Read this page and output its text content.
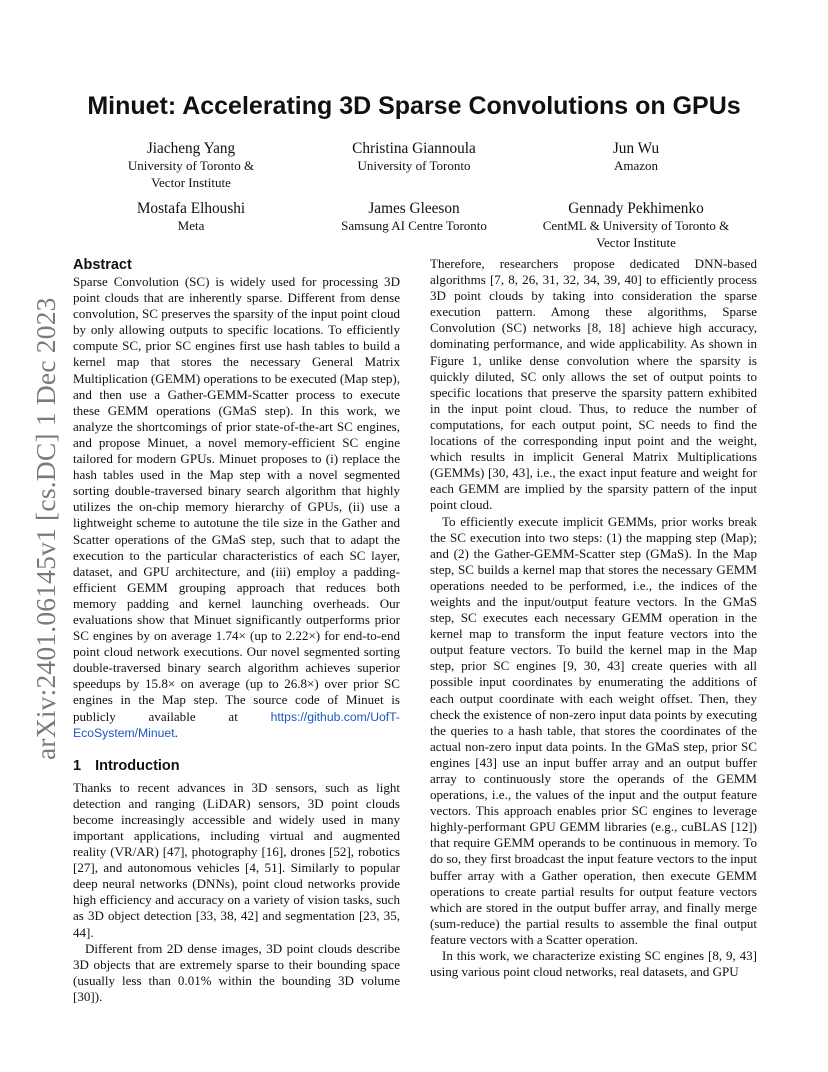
arXiv:2401.06145v1 [cs.DC] 1 Dec 2023
Minuet: Accelerating 3D Sparse Convolutions on GPUs
Jiacheng Yang
University of Toronto &
Vector Institute
Christina Giannoula
University of Toronto
Jun Wu
Amazon
Mostafa Elhoushi
Meta
James Gleeson
Samsung AI Centre Toronto
Gennady Pekhimenko
CentML & University of Toronto &
Vector Institute
Abstract

Sparse Convolution (SC) is widely used for processing 3D point clouds that are inherently sparse. Different from dense convolution, SC preserves the sparsity of the input point cloud by only allowing outputs to specific locations. To efficiently compute SC, prior SC engines first use hash tables to build a kernel map that stores the necessary General Matrix Multiplication (GEMM) operations to be executed (Map step), and then use a Gather-GEMM-Scatter process to execute these GEMM operations (GMaS step). In this work, we analyze the shortcomings of prior state-of-the-art SC engines, and propose Minuet, a novel memory-efficient SC engine tailored for modern GPUs. Minuet proposes to (i) replace the hash tables used in the Map step with a novel segmented sorting double-traversed binary search algorithm that highly utilizes the on-chip memory hierarchy of GPUs, (ii) use a lightweight scheme to autotune the tile size in the Gather and Scatter operations of the GMaS step, such that to adapt the execution to the particular characteristics of each SC layer, dataset, and GPU architecture, and (iii) employ a padding-efficient GEMM grouping approach that reduces both memory padding and kernel launching overheads. Our evaluations show that Minuet significantly outperforms prior SC engines by on average 1.74× (up to 2.22×) for end-to-end point cloud network executions. Our novel segmented sorting double-traversed binary search algorithm achieves superior speedups by 15.8× on average (up to 26.8×) over prior SC engines in the Map step. The source code of Minuet is publicly available at https://github.com/UofT-EcoSystem/Minuet.

1 Introduction

Thanks to recent advances in 3D sensors, such as light detection and ranging (LiDAR) sensors, 3D point clouds become increasingly accessible and widely used in many important applications, including virtual and augmented reality (VR/AR) [47], photography [16], drones [52], robotics [27], and autonomous vehicles [4, 51]. Similarly to popular deep neural networks (DNNs), point cloud networks provide high efficiency and accuracy on a variety of vision tasks, such as 3D object detection [33, 38, 42] and segmentation [23, 35, 44].

Different from 2D dense images, 3D point clouds describe 3D objects that are extremely sparse to their bounding space (usually less than 0.01% within the bounding 3D volume [30]).

Therefore, researchers propose dedicated DNN-based algorithms [7, 8, 26, 31, 32, 34, 39, 40] to efficiently process 3D point clouds by taking into consideration the sparse execution pattern. Among these algorithms, Sparse Convolution (SC) networks [8, 18] achieve high accuracy, dominating performance, and wide applicability. As shown in Figure 1, unlike dense convolution where the sparsity is quickly diluted, SC only allows the set of output points to specific locations that preserve the sparsity pattern exhibited in the input point cloud. Thus, to reduce the number of computations, for each output point, SC needs to find the locations of the corresponding input point and the weight, which results in implicit General Matrix Multiplications (GEMMs) [30, 43], i.e., the exact input feature and weight for each GEMM are implied by the sparsity pattern of the input point cloud.

To efficiently execute implicit GEMMs, prior works break the SC execution into two steps: (1) the mapping step (Map); and (2) the Gather-GEMM-Scatter step (GMaS). In the Map step, SC builds a kernel map that stores the necessary GEMM operations needed to be performed, i.e., the indices of the weights and the input/output feature vectors. In the GMaS step, SC executes each necessary GEMM operation in the kernel map to transform the input feature vectors into the output feature vectors. To build the kernel map in the Map step, prior SC engines [9, 30, 43] create queries with all possible input coordinates by enumerating the additions of each output coordinate with each weight offset. Then, they check the existence of non-zero input data points by executing the queries to a hash table, that stores the coordinates of the actual non-zero input data points. In the GMaS step, prior SC engines [43] use an input buffer array and an output buffer array to continuously store the operands of the GEMM operations, i.e., the values of the input and the output feature vectors. This approach enables prior SC engines to leverage highly-performant GPU GEMM libraries (e.g., cuBLAS [12]) that require GEMM operands to be continuous in memory. To do so, they first broadcast the input feature vectors to the input buffer array with a Gather operation, then execute GEMM operations to create partial results for output feature vectors which are stored in the output buffer array, and finally merge (sum-reduce) the partial results to assemble the final output feature vectors with a Scatter operation.

In this work, we characterize existing SC engines [8, 9, 43] using various point cloud networks, real datasets, and GPU
